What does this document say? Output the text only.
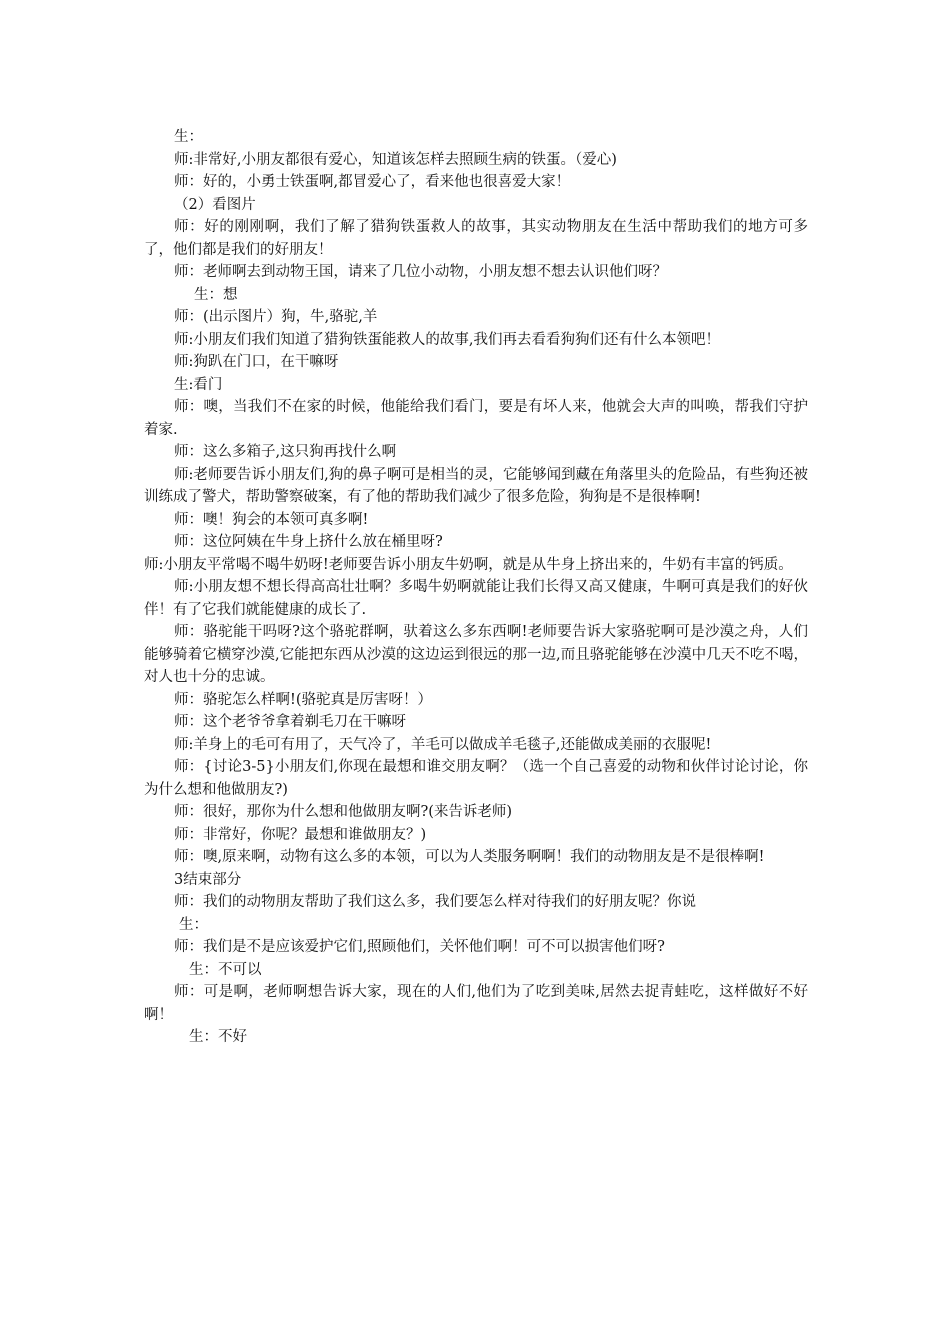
生：

师:非常好,小朋友都很有爱心，知道该怎样去照顾生病的铁蛋。（爱心)

师：好的，小勇士铁蛋啊,都冒爱心了，看来他也很喜爱大家！

（2）看图片

师：好的刚刚啊，我们了解了猎狗铁蛋救人的故事，其实动物朋友在生活中帮助我们的地方可多了，他们都是我们的好朋友！

师：老师啊去到动物王国，请来了几位小动物，小朋友想不想去认识他们呀？

生：想

师：(出示图片）狗，牛,骆驼,羊

师:小朋友们我们知道了猎狗铁蛋能救人的故事,我们再去看看狗狗们还有什么本领吧！

师:狗趴在门口，在干嘛呀

生:看门

师：噢，当我们不在家的时候，他能给我们看门，要是有坏人来，他就会大声的叫唤，帮我们守护着家.

师：这么多箱子,这只狗再找什么啊

师:老师要告诉小朋友们,狗的鼻子啊可是相当的灵，它能够闻到藏在角落里头的危险品，有些狗还被训练成了警犬，帮助警察破案，有了他的帮助我们减少了很多危险，狗狗是不是很棒啊!

师：噢！狗会的本领可真多啊!

师：这位阿姨在牛身上挤什么放在桶里呀?

师:小朋友平常喝不喝牛奶呀!老师要告诉小朋友牛奶啊，就是从牛身上挤出来的，牛奶有丰富的钙质。

师:小朋友想不想长得高高壮壮啊？多喝牛奶啊就能让我们长得又高又健康，牛啊可真是我们的好伙伴！有了它我们就能健康的成长了.

师：骆驼能干吗呀?这个骆驼群啊，驮着这么多东西啊!老师要告诉大家骆驼啊可是沙漠之舟，人们能够骑着它横穿沙漠,它能把东西从沙漠的这边运到很远的那一边,而且骆驼能够在沙漠中几天不吃不喝，对人也十分的忠诚。

师：骆驼怎么样啊!(骆驼真是厉害呀！）

师：这个老爷爷拿着剃毛刀在干嘛呀

师:羊身上的毛可有用了，天气冷了，羊毛可以做成羊毛毯子,还能做成美丽的衣服呢!

师：{讨论3-5}小朋友们,你现在最想和谁交朋友啊？（选一个自己喜爱的动物和伙伴讨论讨论，你为什么想和他做朋友?)

师：很好，那你为什么想和他做朋友啊?(来告诉老师)

师：非常好，你呢？最想和谁做朋友？)

师：噢,原来啊，动物有这么多的本领，可以为人类服务啊啊！我们的动物朋友是不是很棒啊!

3结束部分

师：我们的动物朋友帮助了我们这么多，我们要怎么样对待我们的好朋友呢？你说

生：

师：我们是不是应该爱护它们,照顾他们，关怀他们啊！可不可以损害他们呀?

生：不可以

师：可是啊，老师啊想告诉大家，现在的人们,他们为了吃到美味,居然去捉青蛙吃，这样做好不好啊！

生：不好
